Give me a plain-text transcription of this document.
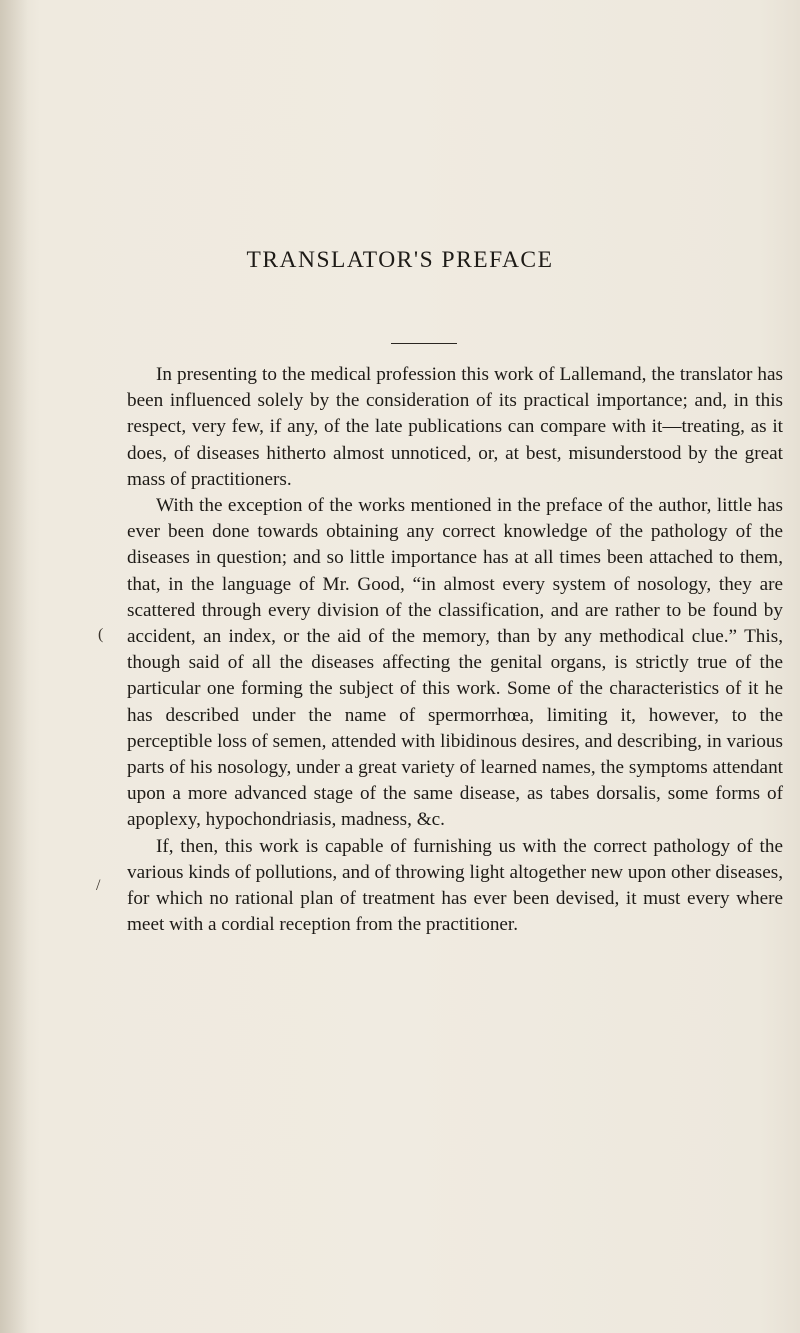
TRANSLATOR'S PREFACE

In presenting to the medical profession this work of Lallemand, the translator has been influenced solely by the consideration of its practical importance; and, in this respect, very few, if any, of the late publications can compare with it—treating, as it does, of diseases hitherto almost unnoticed, or, at best, misunderstood by the great mass of practitioners.

With the exception of the works mentioned in the preface of the author, little has ever been done towards obtaining any correct knowledge of the pathology of the diseases in question; and so little importance has at all times been attached to them, that, in the language of Mr. Good, “in almost every system of nosology, they are scattered through every division of the classification, and are rather to be found by accident, an index, or the aid of the memory, than by any methodical clue.” This, though said of all the diseases affecting the genital organs, is strictly true of the particular one forming the subject of this work. Some of the characteristics of it he has described under the name of spermorrhœa, limiting it, however, to the perceptible loss of semen, attended with libidinous desires, and describing, in various parts of his nosology, under a great variety of learned names, the symptoms attendant upon a more advanced stage of the same disease, as tabes dorsalis, some forms of apoplexy, hypochondriasis, madness, &c.

If, then, this work is capable of furnishing us with the correct pathology of the various kinds of pollutions, and of throwing light altogether new upon other diseases, for which no rational plan of treatment has ever been devised, it must every where meet with a cordial reception from the practitioner.

(
/
